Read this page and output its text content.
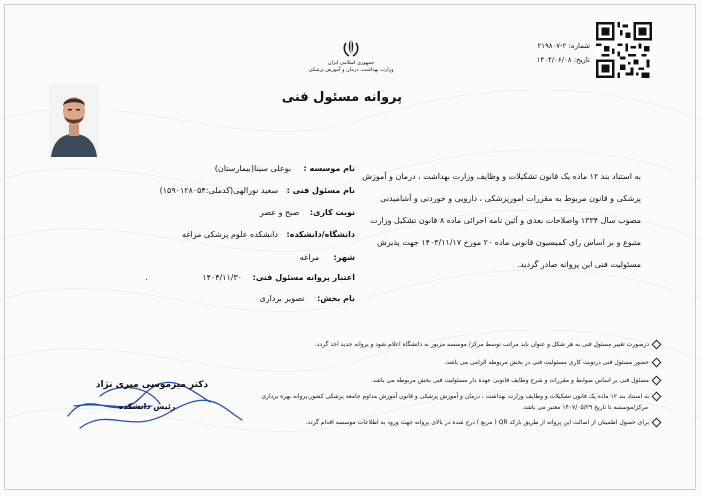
شماره: ۲-۲۱۹۸۰۷
تاریخ: ۱۴۰۴/۰۶/۰۸
جمهوری اسلامی ایران
وزارت بهداشت، درمان و آموزش پزشکی
پروانه مسئول فنی
نام موسسه : بوعلی سینا(بیمارستان)
نام مسئول فنی : سعید نورالهی(کدملی:۱۵۹۰۱۲۸۰۵۴)
نوبت کاری: صبح و عصر
دانشگاه/دانشکده: دانشکده علوم پزشکی مراغه
شهر: مراغه
اعتبار پروانه مسئول فنی: ۱۴۰۴/۱۱/۳۰ .
نام بخش: تصویر برداری
به استناد بند ۱۲ ماده یک قانون تشکیلات و وظایف وزارت بهداشت ، درمان و آموزش
پزشکی و قانون مربوط به مقررات امورپزشکی ، دارویی و خوردنی و آشامیدنی
مصوب سال ۱۳۳۴ واصلاحات بعدی و آئین نامه اجرائی ماده ۸ قانون تشکیل وزارت
متبوع و بر اساس رای کمیسیون قانونی ماده ۲۰ مورخ ۱۴۰۳/۱۱/۱۷ جهت پذیرش
مسئولیت فنی این پروانه صادر گردید.
درصورت تغییر مسئول فنی به هر شکل و عنوان باید مراتب توسط مرکز/ موسسه مزبور به دانشگاه اعلام شود و پروانه جدید اخذ گردد.
حضور مسئول فنی درنوبت کاری مسئولیت فنی در بخش مربوطه الزامی می باشد.
مسئول فنی بر اساس ضوابط و مقررات و شرح وظایف قانونی عهده دار مسئولیت فنی بخش مربوطه می باشد.
به استناد بند ۱۲ ماده یک قانون تشکیلات و وظایف وزارت بهداشت ، درمان و آموزش پزشکی و قانون آموزش مداوم جامعه پزشکی کشور،پروانه بهره برداری
مرکز/موسسه تا تاریخ ۱۴۰۷/۰۵/۲۹ معتبر می باشد.
برای حصول اطمینان از اصالت این پروانه از طریق بارکد QR ( مربع ) درج شده در بالای پروانه جهت ورود به اطلاعات موسسه اقدام گردد.
دکتر میرموسی میری نژاد
رئیس دانشکده
